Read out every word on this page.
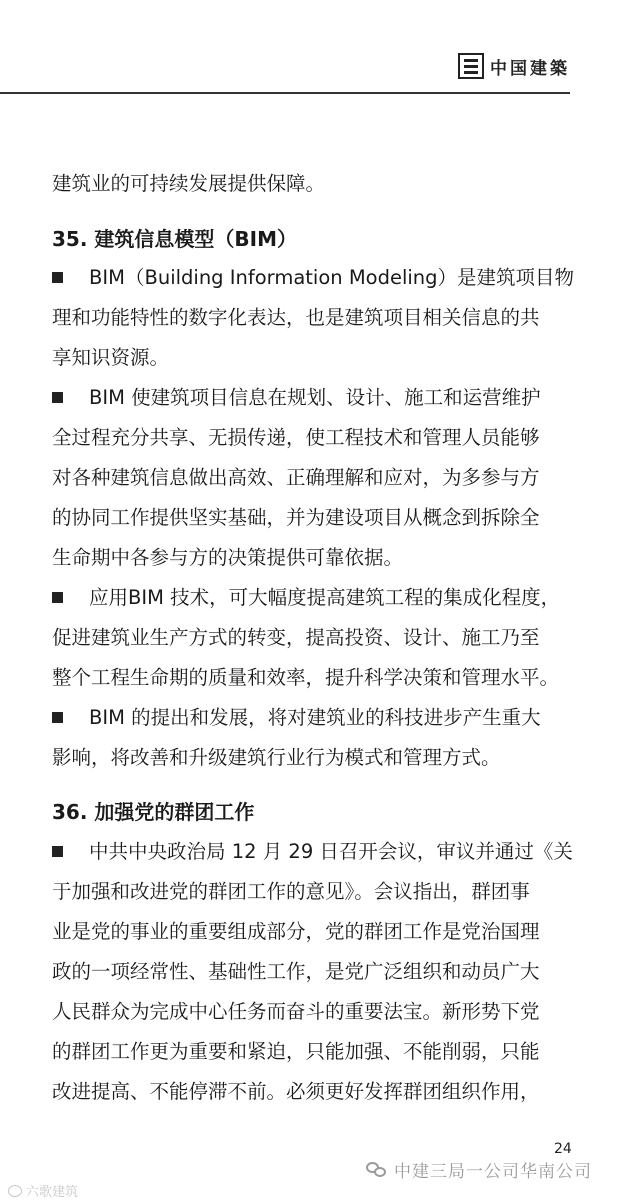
中国建築
建筑业的可持续发展提供保障。
35. 建筑信息模型（BIM）
BIM（Building Information Modeling）是建筑项目物
理和功能特性的数字化表达，也是建筑项目相关信息的共
享知识资源。
BIM 使建筑项目信息在规划、设计、施工和运营维护
全过程充分共享、无损传递，使工程技术和管理人员能够
对各种建筑信息做出高效、正确理解和应对，为多参与方
的协同工作提供坚实基础，并为建设项目从概念到拆除全
生命期中各参与方的决策提供可靠依据。
应用BIM 技术，可大幅度提高建筑工程的集成化程度，
促进建筑业生产方式的转变，提高投资、设计、施工乃至
整个工程生命期的质量和效率，提升科学决策和管理水平。
BIM 的提出和发展，将对建筑业的科技进步产生重大
影响，将改善和升级建筑行业行为模式和管理方式。
36. 加强党的群团工作
中共中央政治局 12 月 29 日召开会议，审议并通过《关
于加强和改进党的群团工作的意见》。会议指出，群团事
业是党的事业的重要组成部分，党的群团工作是党治国理
政的一项经常性、基础性工作，是党广泛组织和动员广大
人民群众为完成中心任务而奋斗的重要法宝。新形势下党
的群团工作更为重要和紧迫，只能加强、不能削弱，只能
改进提高、不能停滞不前。必须更好发挥群团组织作用，
24
中建三局一公司华南公司
六歌建筑
